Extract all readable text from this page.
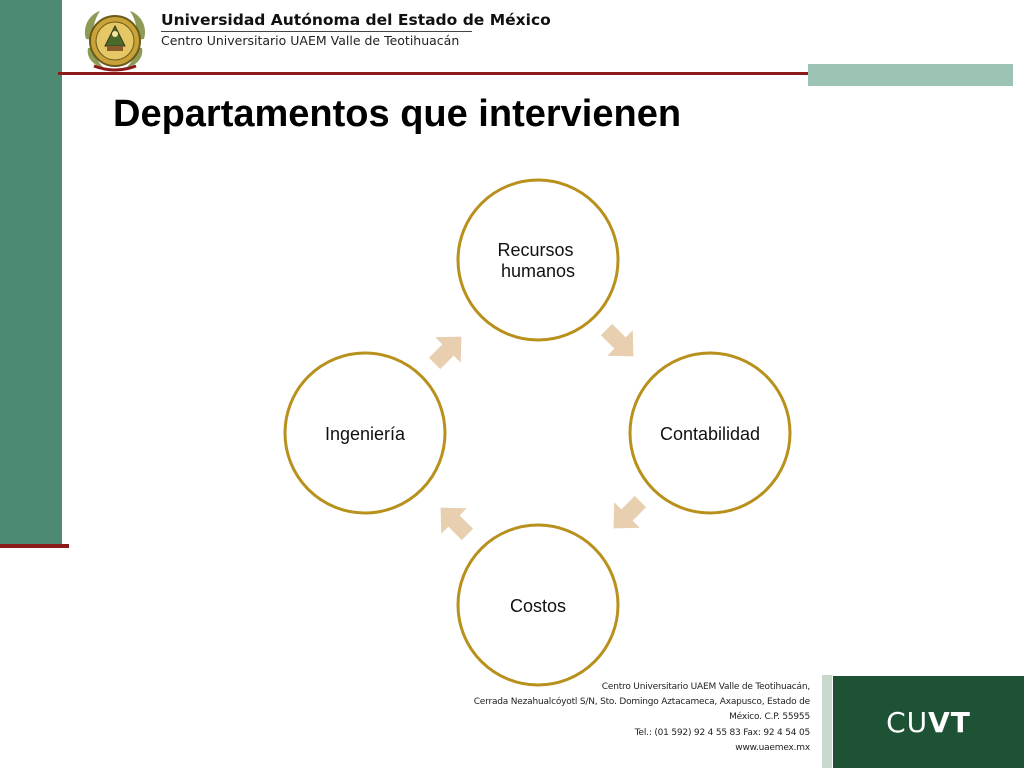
Universidad Autónoma del Estado de México
Centro Universitario UAEM Valle de Teotihuacán
Departamentos que intervienen
Recursos humanos
Contabilidad
Costos
Ingeniería
Centro Universitario UAEM Valle de Teotihuacán,
Cerrada Nezahualcóyotl S/N, Sto. Domingo Aztacameca, Axapusco, Estado de
México. C.P. 55955
Tel.: (01 592) 92 4 55 83 Fax: 92 4 54 05
www.uaemex.mx
CUVT
